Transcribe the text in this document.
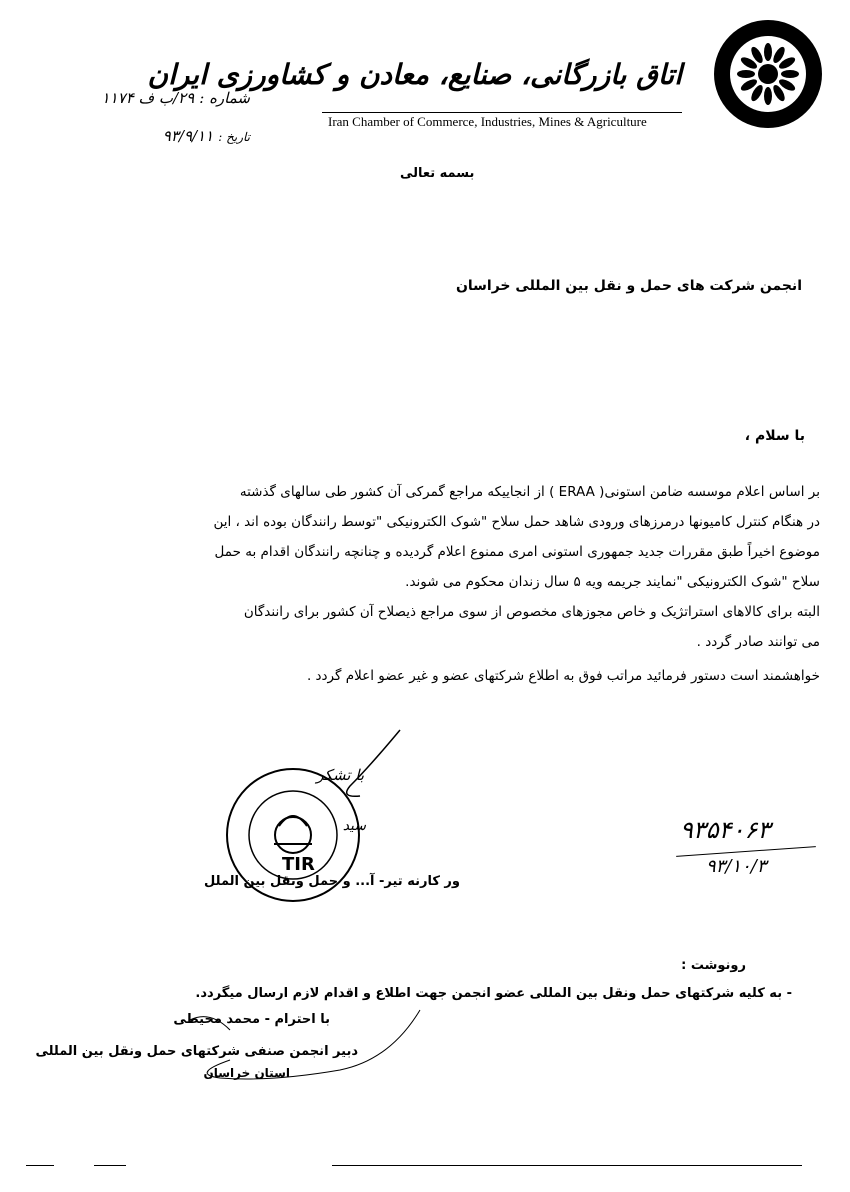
اتاق بازرگانی، صنایع، معادن و کشاورزی ایران
Iran Chamber of Commerce, Industries, Mines & Agriculture
شماره : ۲۹/ب ف ۱۱۷۴
تاریخ : ۹۳/۹/۱۱
بسمه تعالی
انجمن شرکت های حمل و نقل بین المللی خراسان
با سلام ،
بر اساس اعلام موسسه ضامن استونی( ERAA ) از انجاییکه مراجع گمرکی آن کشور طی سالهای گذشته
در هنگام کنترل کامیونها درمرزهای ورودی شاهد حمل سلاح "شوک الکترونیکی "توسط رانندگان بوده اند ، این
موضوع اخیراً طبق مقررات جدید جمهوری استونی امری ممنوع اعلام گردیده و چنانچه رانندگان اقدام به حمل
سلاح "شوک الکترونیکی "نمایند جریمه ویه ۵ سال زندان محکوم می شوند.
البته برای کالاهای استراتژیک و خاص مجوزهای مخصوص از سوی مراجع ذیصلاح آن کشور برای رانندگان
می توانند صادر گردد .
خواهشمند است دستور فرمائید مراتب فوق به اطلاع شرکتهای عضو و غیر عضو اعلام گردد .
TIR
با تشکر
سید
ور کارنه تیر- آ... و حمل ونقل بین الملل
۹۳۵۴۰۶۳
۹۳/۱۰/۳
رونوشت :
- به کلیه شرکتهای حمل ونقل بین المللی عضو انجمن جهت اطلاع و اقدام لازم ارسال میگردد.
با احترام - محمد محیطی
دبیر انجمن صنفی شرکتهای حمل ونقل بین المللی
استان خراسان
